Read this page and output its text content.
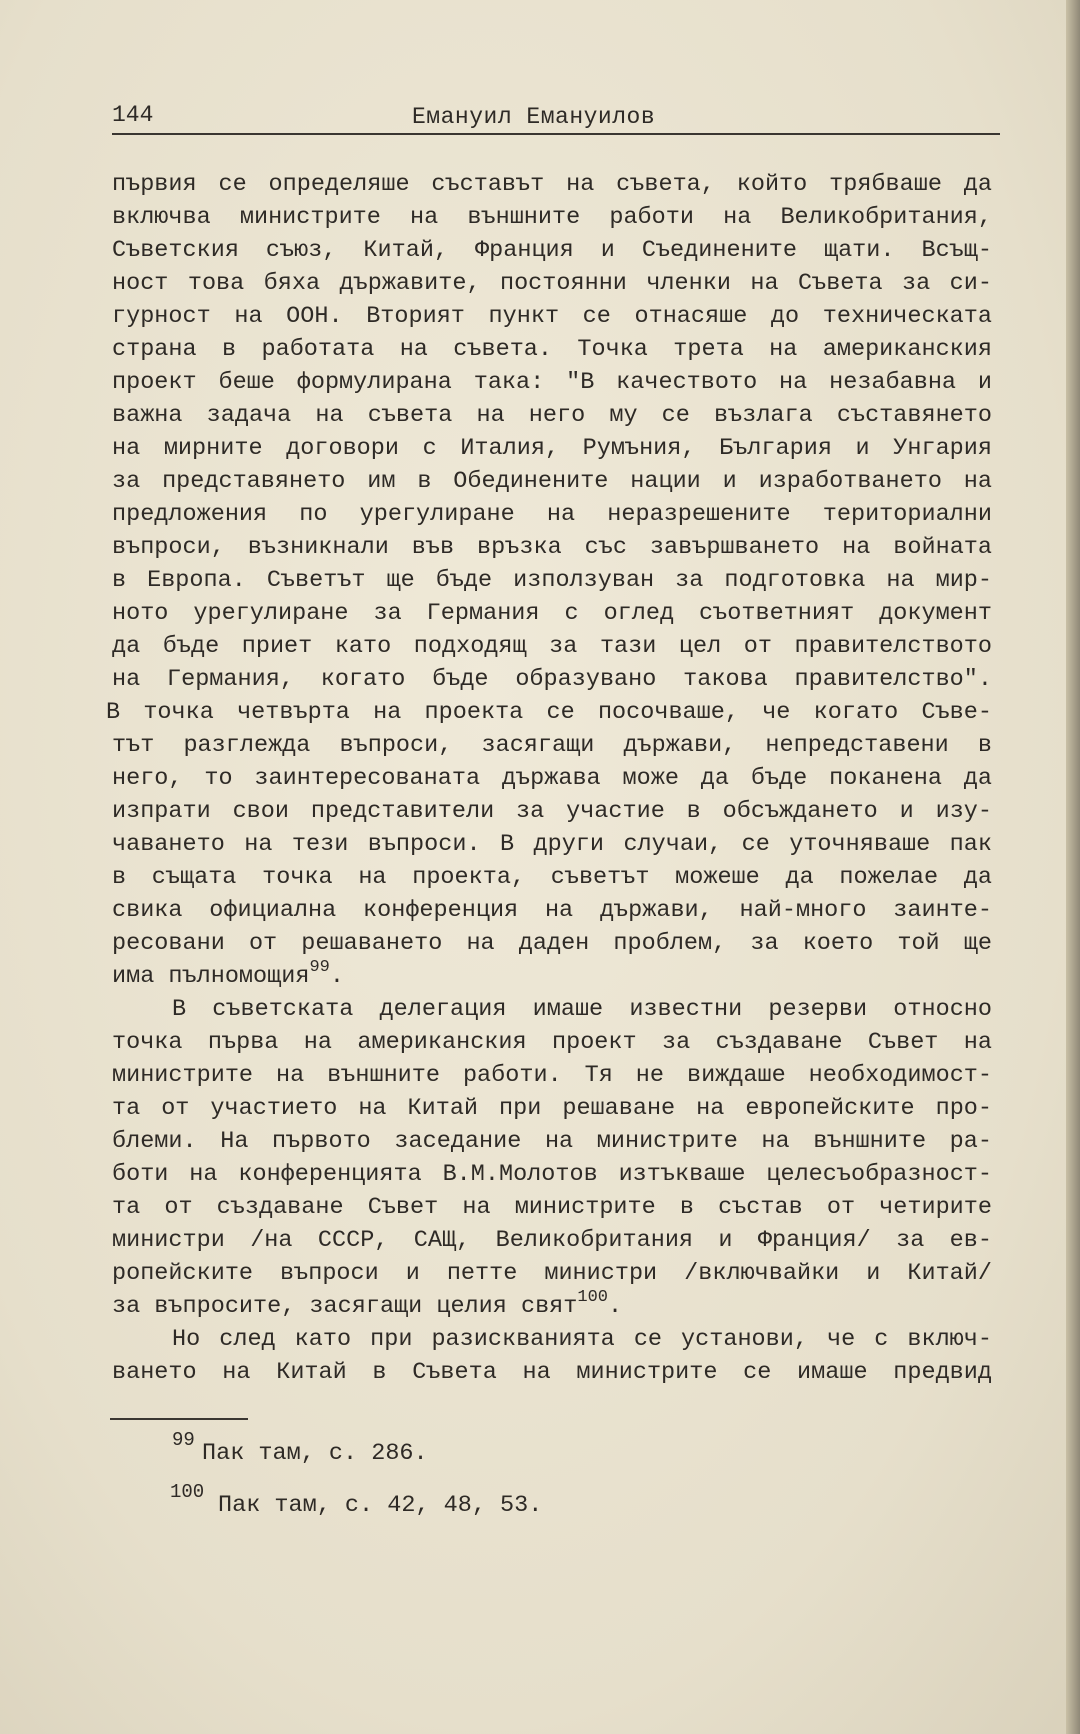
144	Емануил Емануилов
първия се определяше съставът на съвета, който трябваше да
включва министрите на външните работи на Великобритания,
Съветския съюз, Китай, Франция и Съединените щати. Всъщ-
ност това бяха държавите, постоянни членки на Съвета за си-
гурност на ООН. Вторият пункт се отнасяше до техническата
страна в работата на съвета. Точка трета на американския
проект беше формулирана така: "В качеството на незабавна и
важна задача на съвета на него му се възлага съставянето
на мирните договори с Италия, Румъния, България и Унгария
за представянето им в Обединените нации и изработването на
предложения по урегулиране на неразрешените териториални
въпроси, възникнали във връзка със завършването на войната
в Европа. Съветът ще бъде използуван за подготовка на мир-
ното урегулиране за Германия с оглед съответният документ
да бъде приет като подходящ за тази цел от правителството
на Германия, когато бъде образувано такова правителство".
В точка четвърта на проекта се посочваше, че когато Съве-
тът разглежда въпроси, засягащи държави, непредставени в
него, то заинтересованата държава може да бъде поканена да
изпрати свои представители за участие в обсъждането и изу-
чаването на тези въпроси. В други случаи, се уточняваше пак
в същата точка на проекта, съветът можеше да пожелае да
свика официална конференция на държави, най-много заинте-
ресовани от решаването на даден проблем, за което той ще
има пълномощия$^{99}$.
В съветската делегация имаше известни резерви относно
точка първа на американския проект за създаване Съвет на
министрите на външните работи. Тя не виждаше необходимост-
та от участието на Китай при решаване на европейските про-
блеми. На първото заседание на министрите на външните ра-
боти на конференцията В.М.Молотов изтъкваше целесъобразност-
та от създаване Съвет на министрите в състав от четирите
министри /на СССР, САЩ, Великобритания и Франция/ за ев-
ропейските въпроси и петте министри /включвайки и Китай/
за въпросите, засягащи целия свят$^{100}$.
Но след като при разискванията се установи, че с включ-
ването на Китай в Съвета на министрите се имаше предвид

99

Пак там, с. 286.

100

Пак там, с. 42, 48, 53.
